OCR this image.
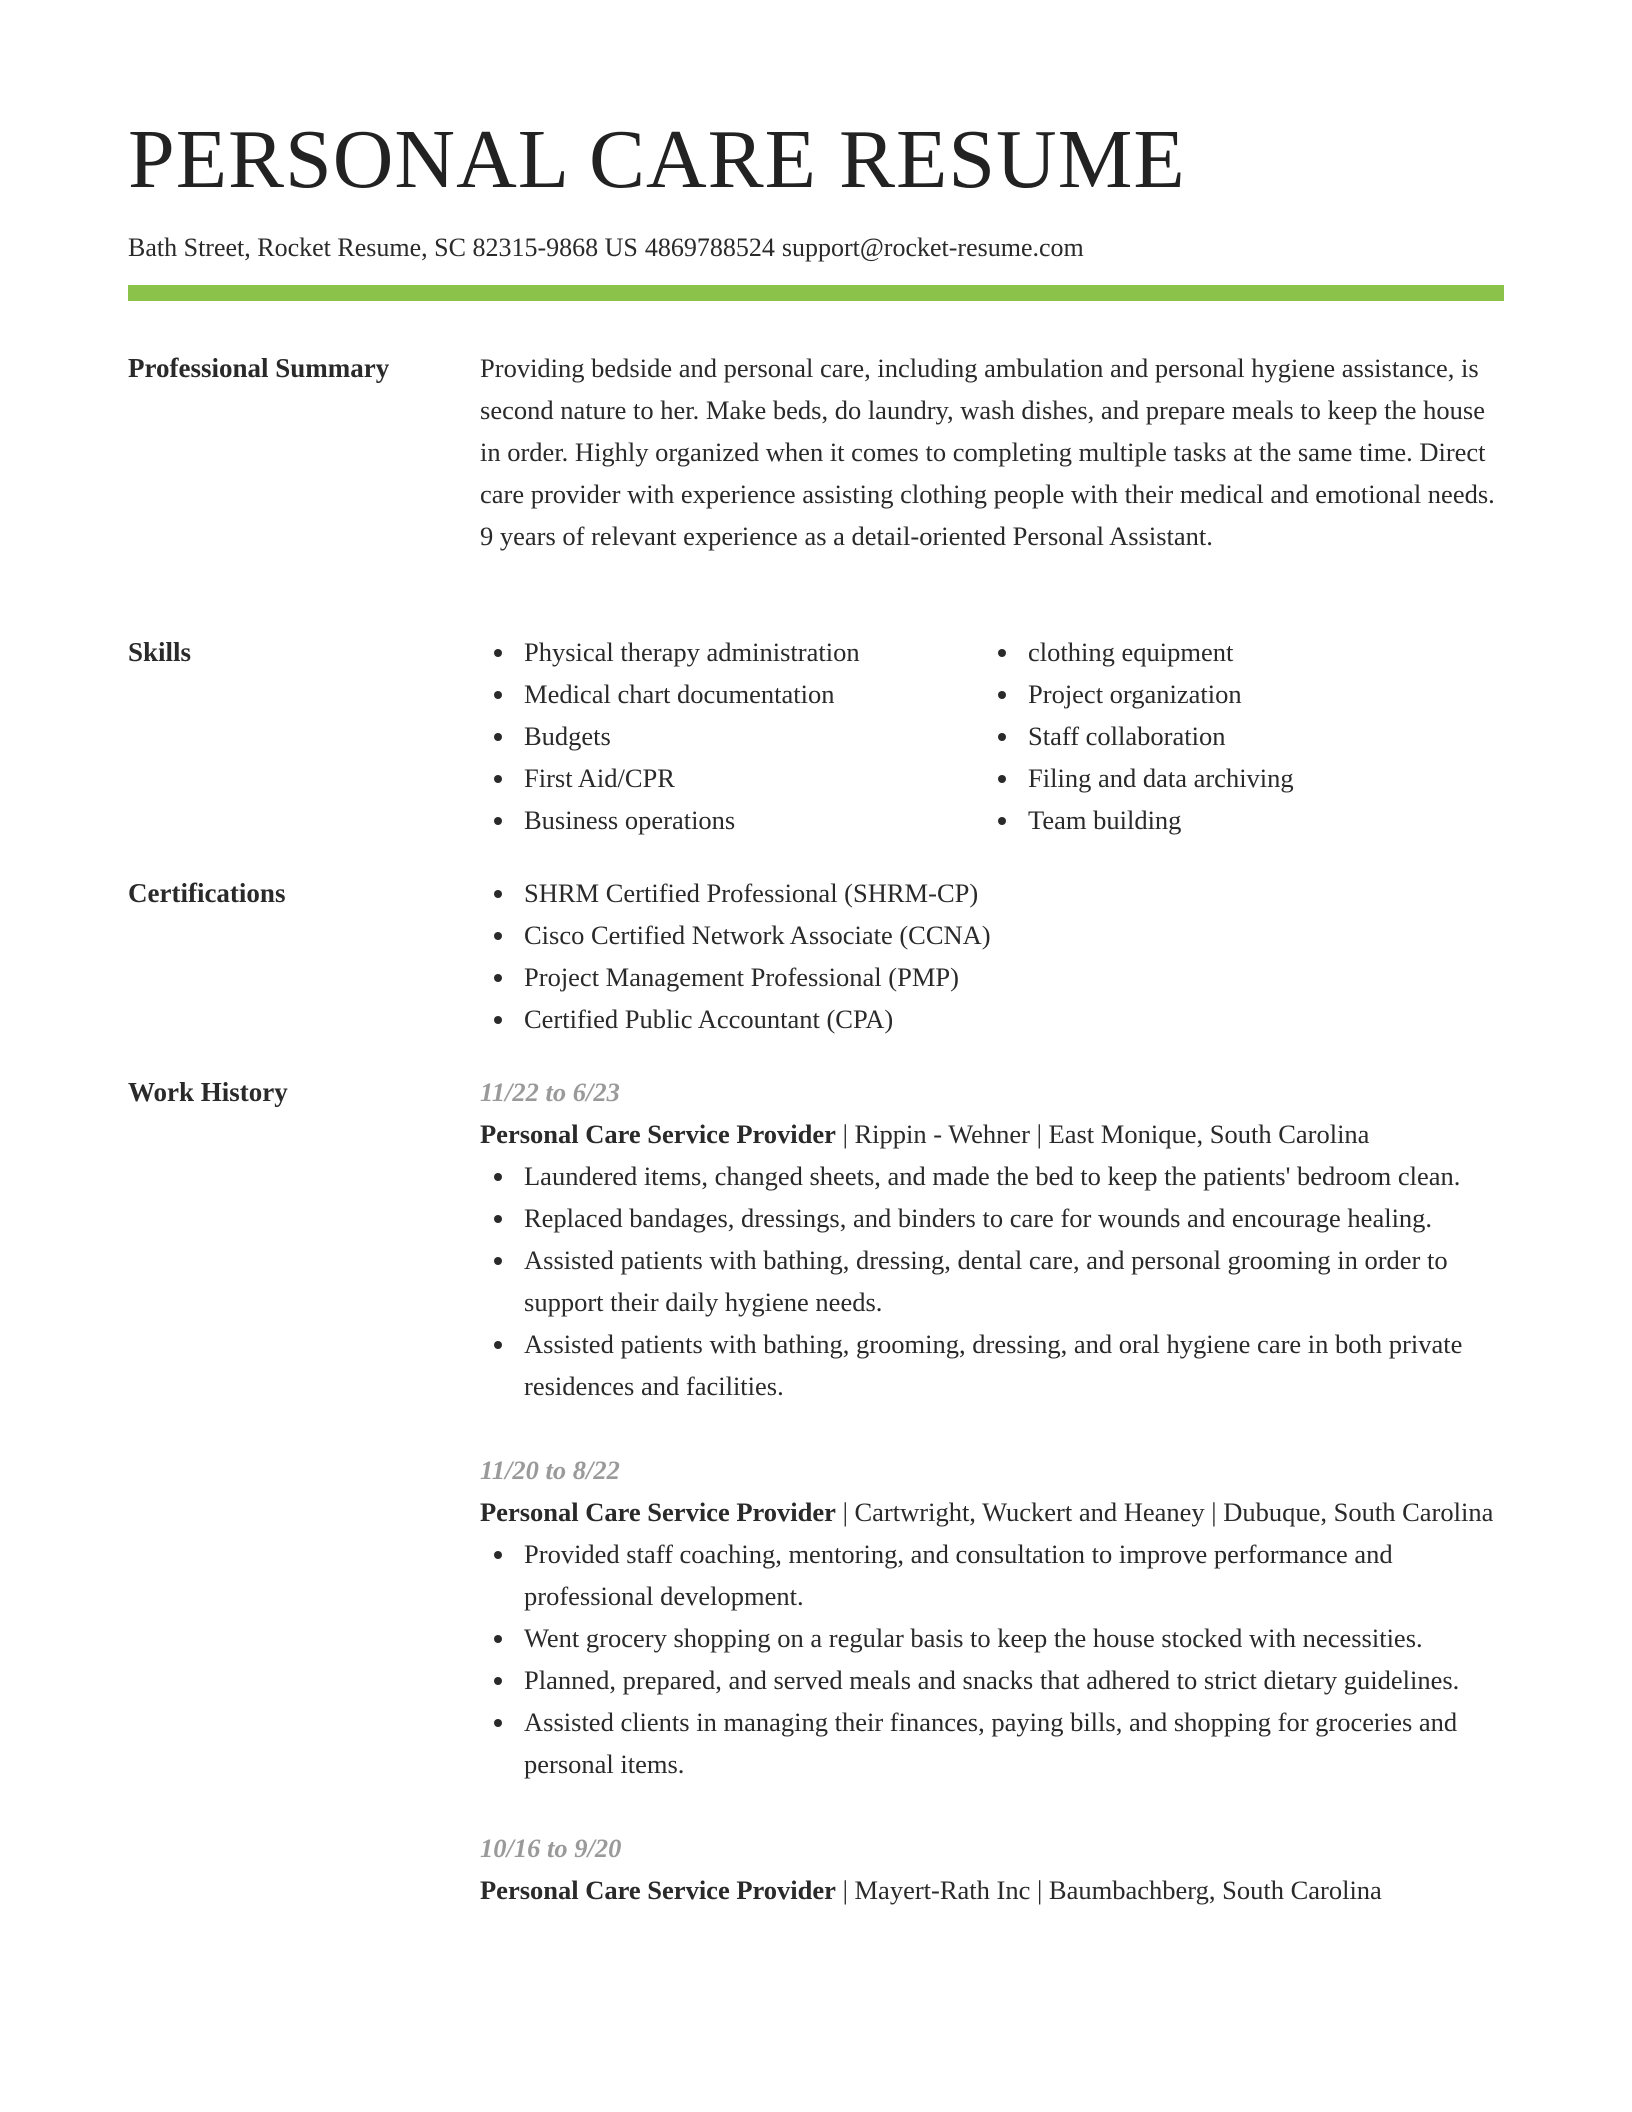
PERSONAL CARE RESUME
Bath Street, Rocket Resume, SC 82315-9868 US 4869788524 support@rocket-resume.com
Professional Summary	Providing bedside and personal care, including ambulation and personal hygiene assistance, is second nature to her. Make beds, do laundry, wash dishes, and prepare meals to keep the house in order. Highly organized when it comes to completing multiple tasks at the same time. Direct care provider with experience assisting clothing people with their medical and emotional needs. 9 years of relevant experience as a detail-oriented Personal Assistant.

Skills	Physical therapy administration
Medical chart documentation
Budgets
First Aid/CPR
Business operations
clothing equipment
Project organization
Staff collaboration
Filing and data archiving
Team building
Certifications	SHRM Certified Professional (SHRM-CP)
Cisco Certified Network Associate (CCNA)
Project Management Professional (PMP)
Certified Public Accountant (CPA)
Work History	11/22 to 6/23
Personal Care Service Provider | Rippin - Wehner | East Monique, South Carolina
Laundered items, changed sheets, and made the bed to keep the patients' bedroom clean.
Replaced bandages, dressings, and binders to care for wounds and encourage healing.
Assisted patients with bathing, dressing, dental care, and personal grooming in order to support their daily hygiene needs.
Assisted patients with bathing, grooming, dressing, and oral hygiene care in both private residences and facilities.
11/20 to 8/22
Personal Care Service Provider | Cartwright, Wuckert and Heaney | Dubuque, South Carolina
Provided staff coaching, mentoring, and consultation to improve performance and professional development.
Went grocery shopping on a regular basis to keep the house stocked with necessities.
Planned, prepared, and served meals and snacks that adhered to strict dietary guidelines.
Assisted clients in managing their finances, paying bills, and shopping for groceries and personal items.
10/16 to 9/20
Personal Care Service Provider | Mayert-Rath Inc | Baumbachberg, South Carolina
